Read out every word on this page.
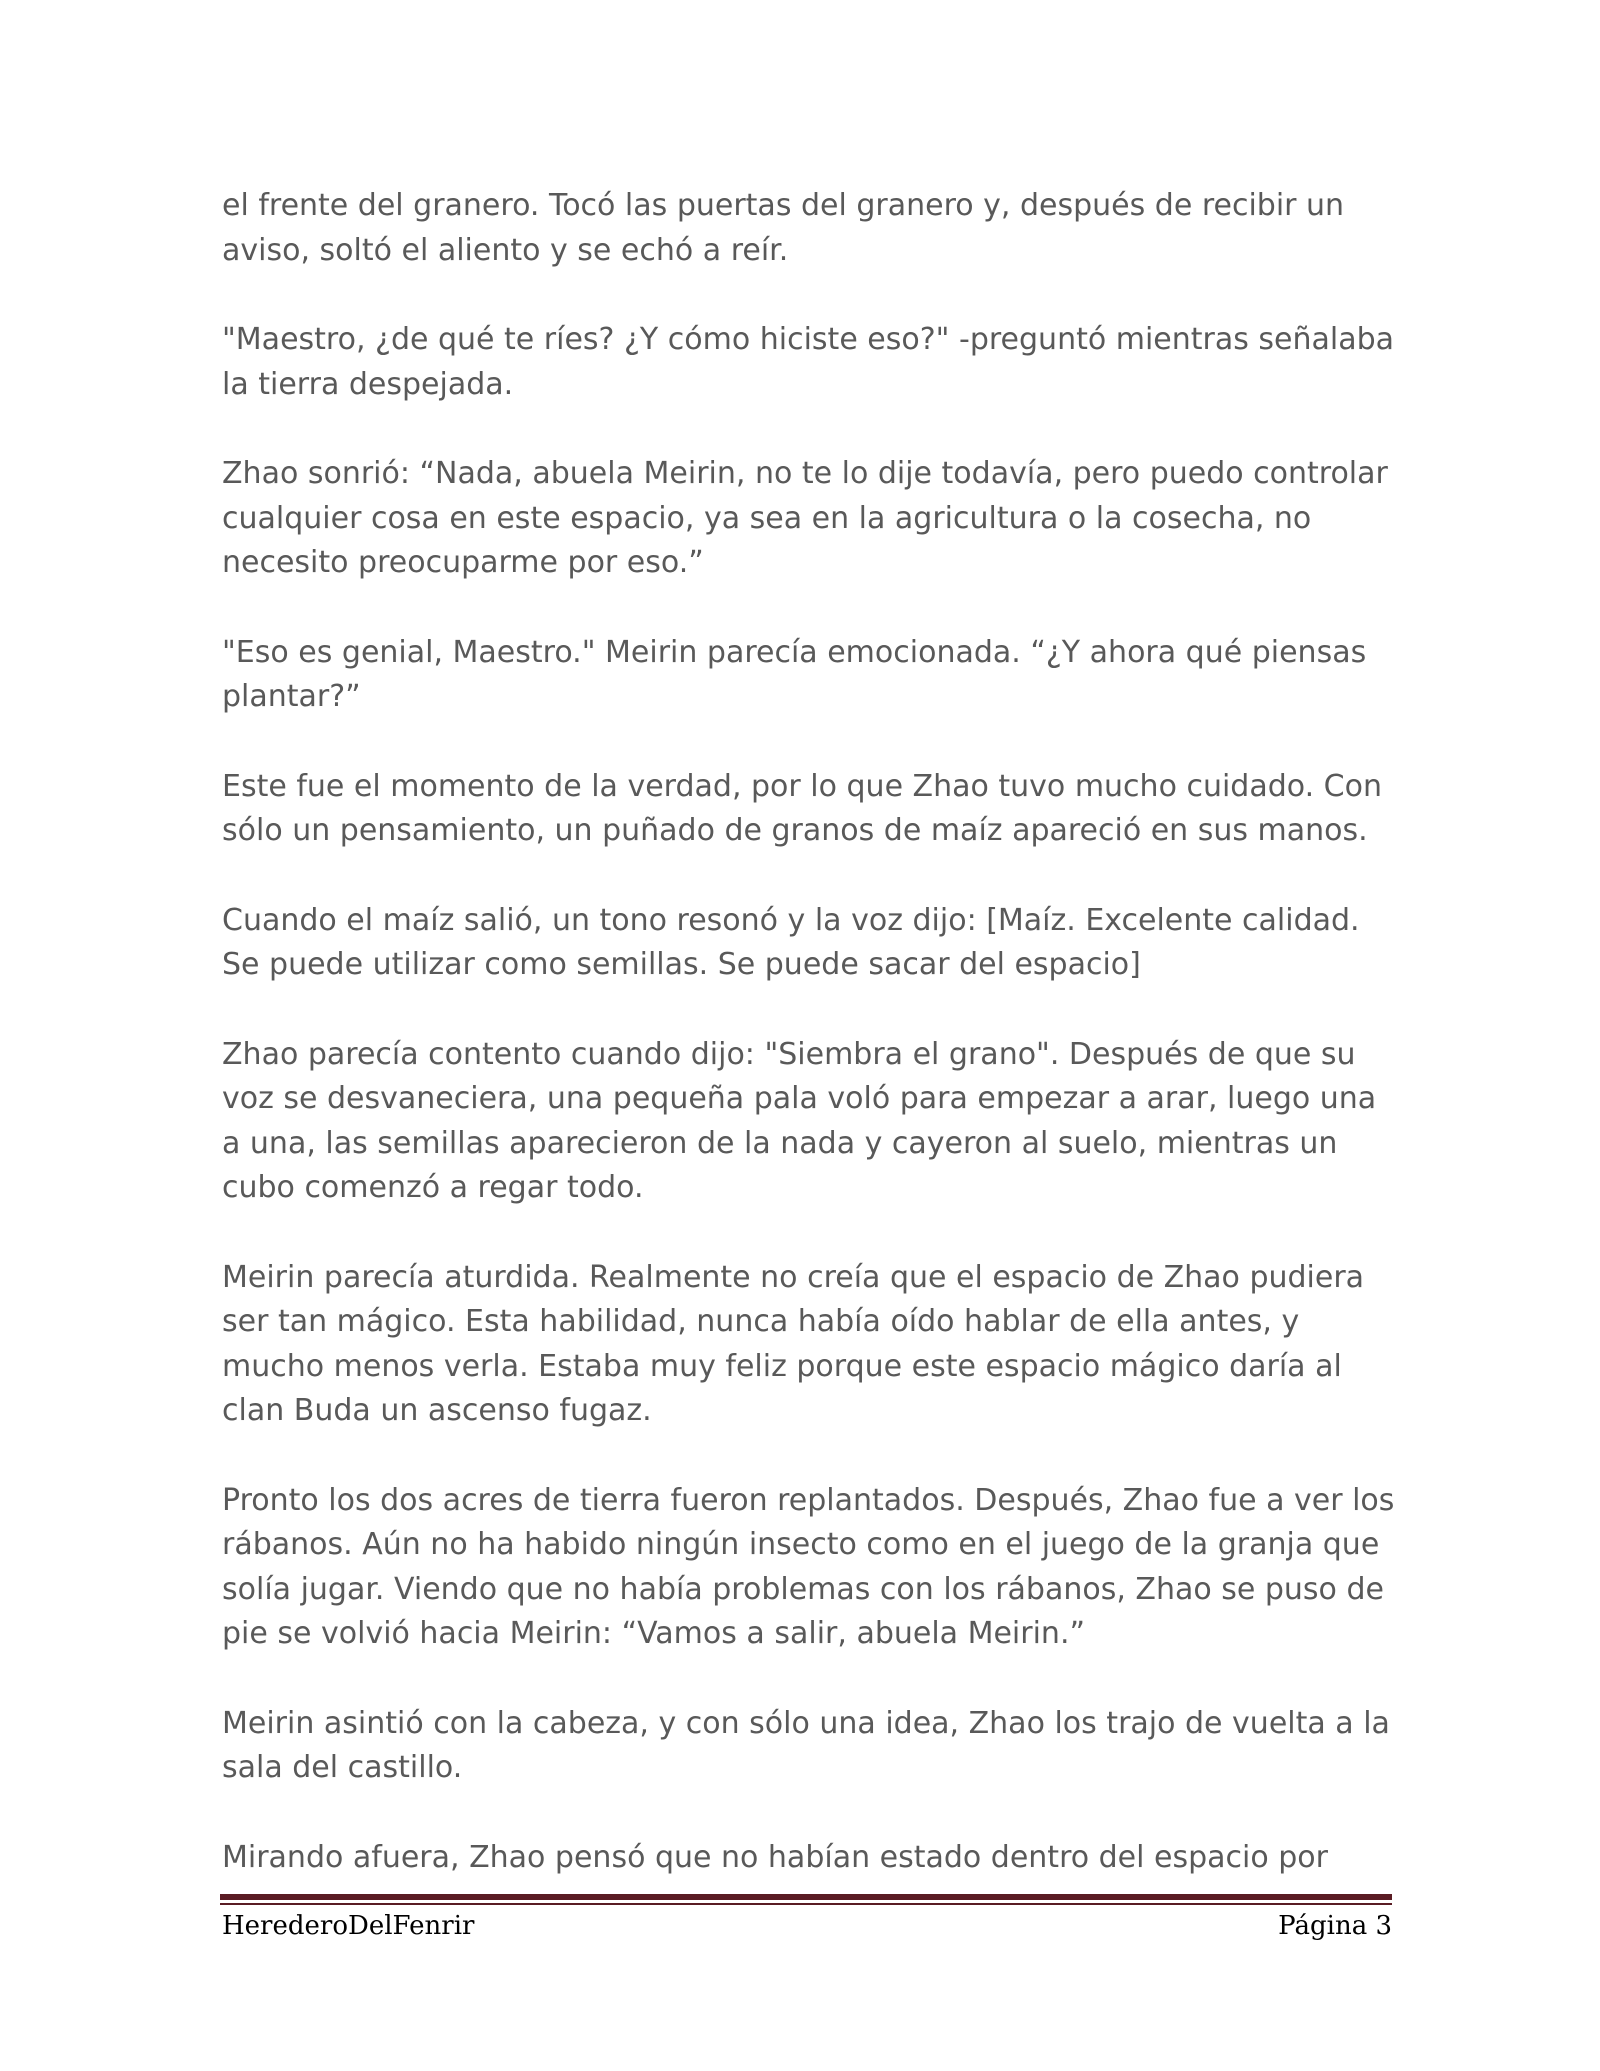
el frente del granero. Tocó las puertas del granero y, después de recibir un aviso, soltó el aliento y se echó a reír.

"Maestro, ¿de qué te ríes? ¿Y cómo hiciste eso?" -preguntó mientras señalaba la tierra despejada.

Zhao sonrió: “Nada, abuela Meirin, no te lo dije todavía, pero puedo controlar cualquier cosa en este espacio, ya sea en la agricultura o la cosecha, no necesito preocuparme por eso.”

"Eso es genial, Maestro." Meirin parecía emocionada. “¿Y ahora qué piensas plantar?”

Este fue el momento de la verdad, por lo que Zhao tuvo mucho cuidado. Con sólo un pensamiento, un puñado de granos de maíz apareció en sus manos.

Cuando el maíz salió, un tono resonó y la voz dijo: [Maíz. Excelente calidad. Se puede utilizar como semillas. Se puede sacar del espacio]

Zhao parecía contento cuando dijo: "Siembra el grano". Después de que su voz se desvaneciera, una pequeña pala voló para empezar a arar, luego una a una, las semillas aparecieron de la nada y cayeron al suelo, mientras un cubo comenzó a regar todo.

Meirin parecía aturdida. Realmente no creía que el espacio de Zhao pudiera ser tan mágico. Esta habilidad, nunca había oído hablar de ella antes, y mucho menos verla. Estaba muy feliz porque este espacio mágico daría al clan Buda un ascenso fugaz.

Pronto los dos acres de tierra fueron replantados. Después, Zhao fue a ver los rábanos. Aún no ha habido ningún insecto como en el juego de la granja que solía jugar. Viendo que no había problemas con los rábanos, Zhao se puso de pie se volvió hacia Meirin: “Vamos a salir, abuela Meirin.”

Meirin asintió con la cabeza, y con sólo una idea, Zhao los trajo de vuelta a la sala del castillo.

Mirando afuera, Zhao pensó que no habían estado dentro del espacio por

HerederoDelFenrir	Página 3
